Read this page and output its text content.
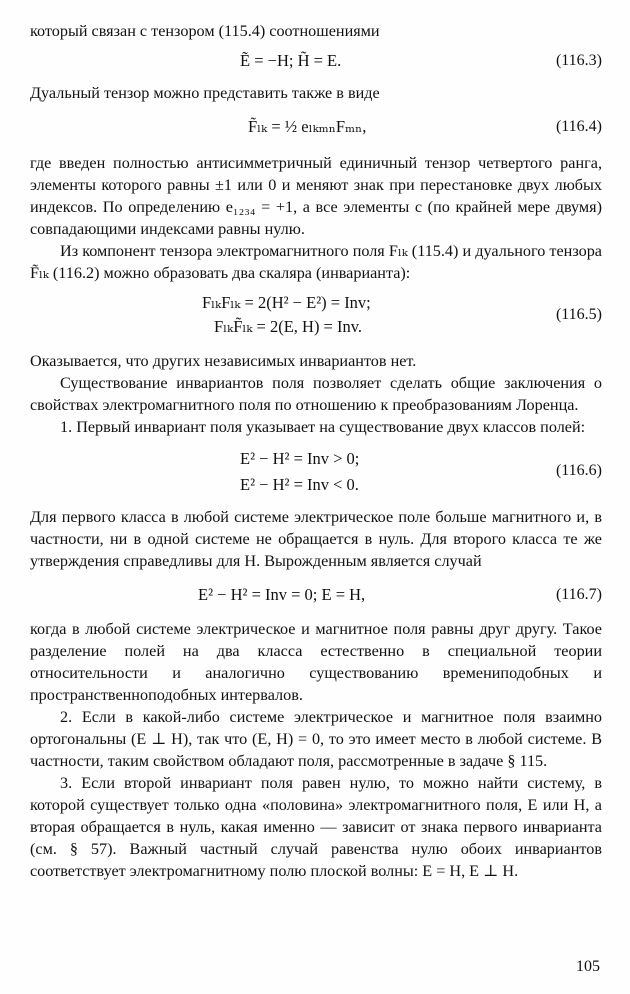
который связан с тензором (115.4) соотношениями

Ẽ = −H; H̃ = E.	(116.3)

Дуальный тензор можно представить также в виде

F̃ₗₖ = ½ eₗₖₘₙFₘₙ,	(116.4)

где введен полностью антисимметричный единичный тензор четвертого ранга, элементы которого равны ±1 или 0 и меняют знак при перестановке двух любых индексов. По определению e₁₂₃₄ = +1, а все элементы с (по крайней мере двумя) совпадающими индексами равны нулю.

Из компонент тензора электромагнитного поля Fₗₖ (115.4) и дуального тензора F̃ₗₖ (116.2) можно образовать два скаляра (инварианта):

FₗₖFₗₖ = 2(H² − E²) = Inv;
FₗₖF̃ₗₖ = 2(E, H) = Inv.
(116.5)

Оказывается, что других независимых инвариантов нет.

Существование инвариантов поля позволяет сделать общие заключения о свойствах электромагнитного поля по отношению к преобразованиям Лоренца.

1. Первый инвариант поля указывает на существование двух классов полей:

E² − H² = Inv > 0;
E² − H² = Inv < 0.
(116.6)

Для первого класса в любой системе электрическое поле больше магнитного и, в частности, ни в одной системе не обращается в нуль. Для второго класса те же утверждения справедливы для H. Вырожденным является случай

E² − H² = Inv = 0; E = H,	(116.7)

когда в любой системе электрическое и магнитное поля равны друг другу. Такое разделение полей на два класса естественно в специальной теории относительности и аналогично существованию времениподобных и пространственноподобных интервалов.

2. Если в какой-либо системе электрическое и магнитное поля взаимно ортогональны (E ⊥ H), так что (E, H) = 0, то это имеет место в любой системе. В частности, таким свойством обладают поля, рассмотренные в задаче § 115.

3. Если второй инвариант поля равен нулю, то можно найти систему, в которой существует только одна «половина» электромагнитного поля, E или H, а вторая обращается в нуль, какая именно — зависит от знака первого инварианта (см. § 57). Важный частный случай равенства нулю обоих инвариантов соответствует электромагнитному полю плоской волны: E = H, E ⊥ H.

105
